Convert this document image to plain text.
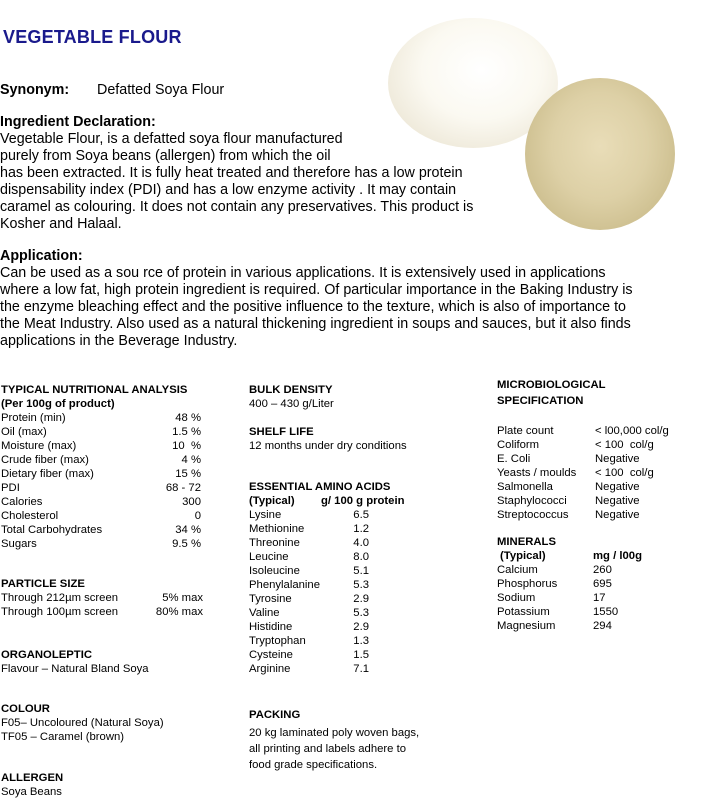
VEGETABLE FLOUR
Synonym: Defatted Soya Flour
Ingredient Declaration:
Vegetable Flour, is a defatted soya flour manufactured
purely from Soya beans (allergen) from which the oil
has been extracted. It is fully heat treated and therefore has a low protein
dispensability index (PDI) and has a low enzyme activity . It may contain
caramel as colouring. It does not contain any preservatives. This product is
Kosher and Halaal.
Application:
Can be used as a sou rce of protein in various applications. It is extensively used in applications
where a low fat, high protein ingredient is required. Of particular importance in the Baking Industry is
the enzyme bleaching effect and the positive influence to the texture, which is also of importance to
the Meat Industry. Also used as a natural thickening ingredient in soups and sauces, but it also finds
applications in the Beverage Industry.
TYPICAL NUTRITIONAL ANALYSIS
(Per 100g of product)
Protein (min)	48 %
Oil (max)	1.5 %
Moisture (max)	10  %
Crude fiber (max)	4 %
Dietary fiber (max)	15 %
PDI	68 - 72
Calories	300
Cholesterol	0
Total Carbohydrates	34 %
Sugars	9.5 %
PARTICLE SIZE
Through 212µm screen	5% max
Through 100µm screen	80% max
ORGANOLEPTIC
Flavour – Natural Bland Soya
COLOUR
F05– Uncoloured (Natural Soya)
TF05 – Caramel (brown)
ALLERGEN
Soya Beans
BULK DENSITY
400 – 430 g/Liter
SHELF LIFE
12 months under dry conditions
ESSENTIAL AMINO ACIDS
(Typical)	g/ 100 g protein
Lysine	6.5
Methionine	1.2
Threonine	4.0
Leucine	8.0
Isoleucine	5.1
Phenylalanine	5.3
Tyrosine	2.9
Valine	5.3
Histidine	2.9
Tryptophan	1.3
Cysteine	1.5
Arginine	7.1
PACKING
20 kg laminated poly woven bags,
all printing and labels adhere to
food grade specifications.
MICROBIOLOGICAL
SPECIFICATION
Plate count	< l00,000 col/g
Coliform	< 100  col/g
E. Coli	Negative
Yeasts / moulds	< 100  col/g
Salmonella	Negative
Staphylococci	Negative
Streptococcus	Negative
MINERALS
(Typical)	mg / l00g
Calcium	260
Phosphorus	695
Sodium	17
Potassium	1550
Magnesium	294
